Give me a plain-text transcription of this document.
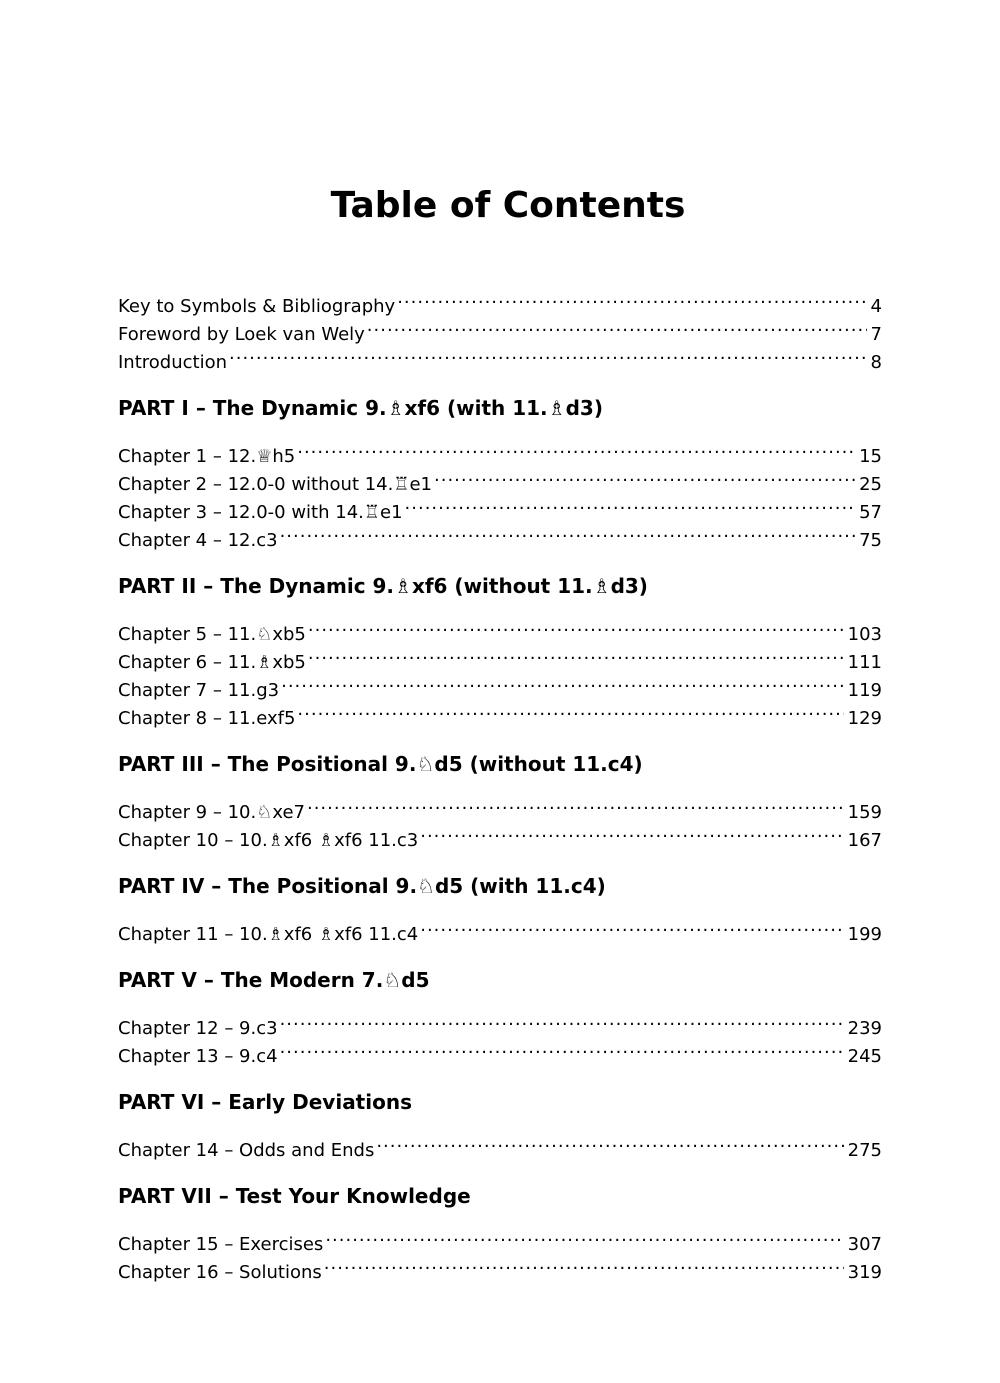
Table of Contents
Key to Symbols & Bibliography .....	4
Foreword by Loek van Wely .....	7
Introduction .....	8
PART I – The Dynamic 9.♗xf6 (with 11.♗d3)
Chapter 1 – 12.♕h5 .....	15
Chapter 2 – 12.0-0 without 14.♖e1 .....	25
Chapter 3 – 12.0-0 with 14.♖e1 .....	57
Chapter 4 – 12.c3 .....	75
PART II – The Dynamic 9.♗xf6 (without 11.♗d3)
Chapter 5 – 11.♘xb5 .....	103
Chapter 6 – 11.♗xb5 .....	111
Chapter 7 – 11.g3 .....	119
Chapter 8 – 11.exf5 .....	129
PART III – The Positional 9.♘d5 (without 11.c4)
Chapter 9 – 10.♘xe7 .....	159
Chapter 10 – 10.♗xf6 ♗xf6 11.c3 .....	167
PART IV – The Positional 9.♘d5 (with 11.c4)
Chapter 11 – 10.♗xf6 ♗xf6 11.c4 .....	199
PART V – The Modern 7.♘d5
Chapter 12 – 9.c3 .....	239
Chapter 13 – 9.c4 .....	245
PART VI – Early Deviations
Chapter 14 – Odds and Ends .....	275
PART VII – Test Your Knowledge
Chapter 15 – Exercises .....	307
Chapter 16 – Solutions .....	319
